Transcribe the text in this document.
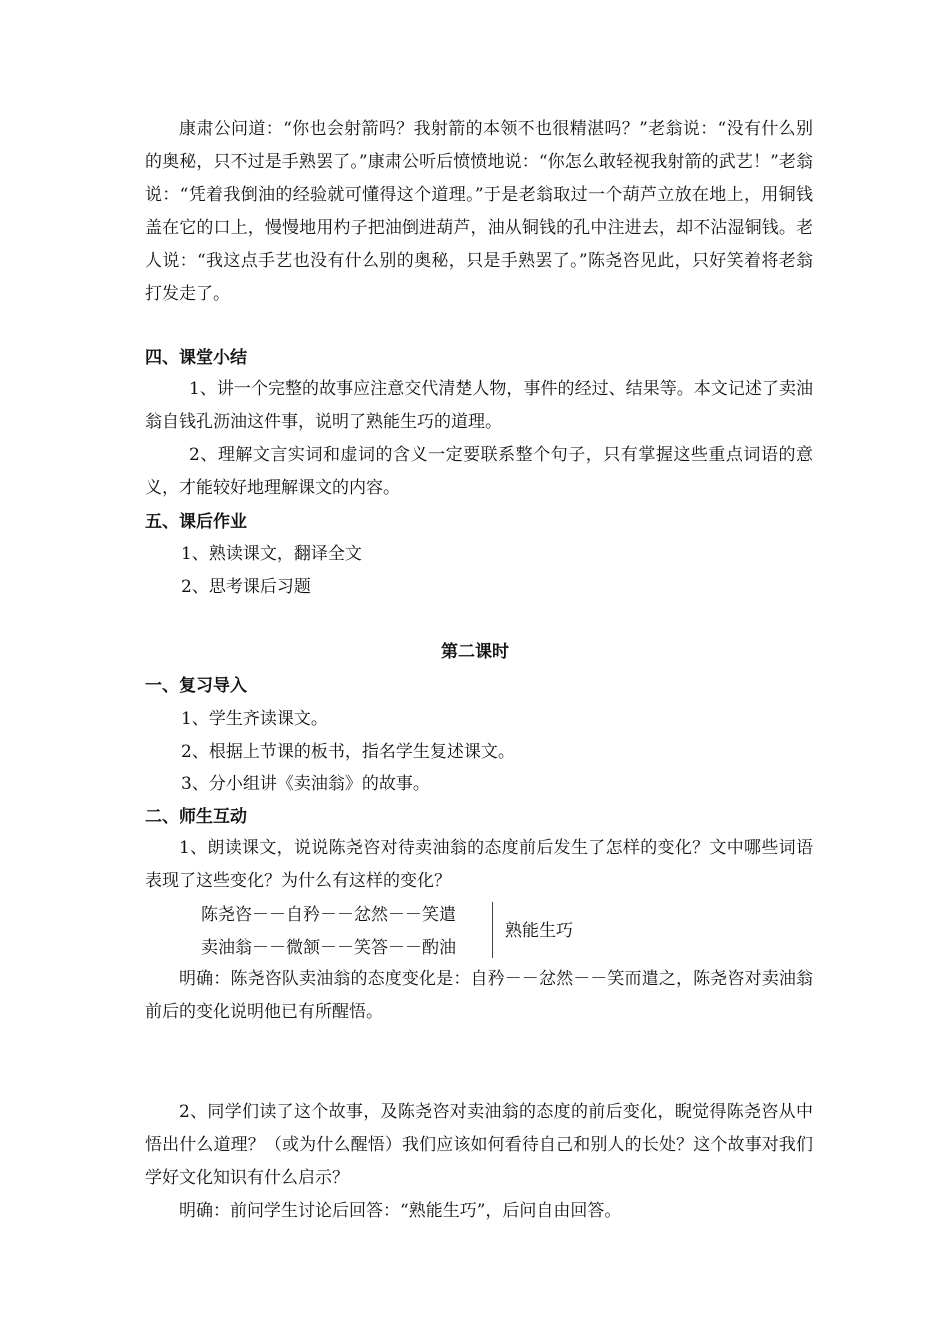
康肃公问道：“你也会射箭吗？我射箭的本领不也很精湛吗？”老翁说：“没有什么别的奥秘，只不过是手熟罢了。”康肃公听后愤愤地说：“你怎么敢轻视我射箭的武艺！”老翁说：“凭着我倒油的经验就可懂得这个道理。”于是老翁取过一个葫芦立放在地上，用铜钱盖在它的口上，慢慢地用杓子把油倒进葫芦，油从铜钱的孔中注进去，却不沾湿铜钱。老人说：“我这点手艺也没有什么别的奥秘，只是手熟罢了。”陈尧咨见此，只好笑着将老翁打发走了。

四、课堂小结

1、讲一个完整的故事应注意交代清楚人物，事件的经过、结果等。本文记述了卖油翁自钱孔沥油这件事，说明了熟能生巧的道理。

2、理解文言实词和虚词的含义一定要联系整个句子，只有掌握这些重点词语的意义，才能较好地理解课文的内容。

五、课后作业
1、熟读课文，翻译全文
2、思考课后习题
第二课时
一、复习导入
1、学生齐读课文。
2、根据上节课的板书，指名学生复述课文。
3、分小组讲《卖油翁》的故事。
二、师生互动

1、朗读课文，说说陈尧咨对待卖油翁的态度前后发生了怎样的变化？文中哪些词语表现了这些变化？为什么有这样的变化？

陈尧咨－－自矜－－忿然－－笑遣
卖油翁－－微颔－－笑答－－酌油
熟能生巧

明确：陈尧咨队卖油翁的态度变化是：自矜－－忿然－－笑而遣之，陈尧咨对卖油翁前后的变化说明他已有所醒悟。

2、同学们读了这个故事，及陈尧咨对卖油翁的态度的前后变化，睨觉得陈尧咨从中悟出什么道理？（或为什么醒悟）我们应该如何看待自己和别人的长处？这个故事对我们学好文化知识有什么启示？

明确：前问学生讨论后回答：“熟能生巧”，后问自由回答。
